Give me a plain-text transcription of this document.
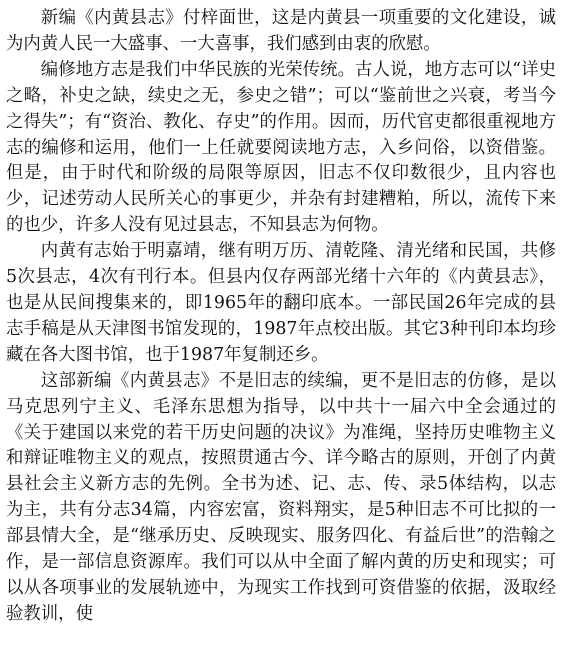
新编《内黄县志》付梓面世，这是内黄县一项重要的文化建设，诚为内黄人民一大盛事、一大喜事，我们感到由衷的欣慰。

编修地方志是我们中华民族的光荣传统。古人说，地方志可以“详史之略，补史之缺，续史之无，参史之错”；可以“鉴前世之兴衰，考当今之得失”；有“资治、教化、存史”的作用。因而，历代官吏都很重视地方志的编修和运用，他们一上任就要阅读地方志，入乡问俗，以资借鉴。但是，由于时代和阶级的局限等原因，旧志不仅印数很少，且内容也少，记述劳动人民所关心的事更少，并杂有封建糟粕，所以，流传下来的也少，许多人没有见过县志，不知县志为何物。

内黄有志始于明嘉靖，继有明万历、清乾隆、清光绪和民国，共修5次县志，4次有刊行本。但县内仅存两部光绪十六年的《内黄县志》，也是从民间搜集来的，即1965年的翻印底本。一部民国26年完成的县志手稿是从天津图书馆发现的，1987年点校出版。其它3种刊印本均珍藏在各大图书馆，也于1987年复制还乡。

这部新编《内黄县志》不是旧志的续编，更不是旧志的仿修，是以马克思列宁主义、毛泽东思想为指导，以中共十一届六中全会通过的《关于建国以来党的若干历史问题的决议》为准绳，坚持历史唯物主义和辩证唯物主义的观点，按照贯通古今、详今略古的原则，开创了内黄县社会主义新方志的先例。全书为述、记、志、传、录5体结构，以志为主，共有分志34篇，内容宏富，资料翔实，是5种旧志不可比拟的一部县情大全，是“继承历史、反映现实、服务四化、有益后世”的浩翰之作，是一部信息资源库。我们可以从中全面了解内黄的历史和现实；可以从各项事业的发展轨迹中，为现实工作找到可资借鉴的依据，汲取经验教训，使
